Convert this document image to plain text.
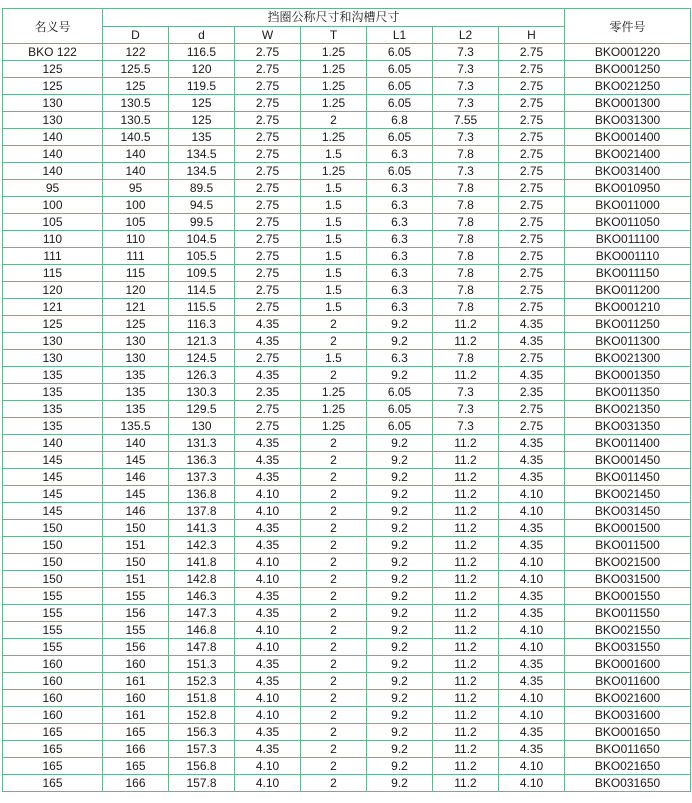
名义号	挡圈公称尺寸和沟槽尺寸							零件号
	D	d	W	T	L1	L2	H	
BKO 122	122	116.5	2.75	1.25	6.05	7.3	2.75	BKO001220
125	125.5	120	2.75	1.25	6.05	7.3	2.75	BKO001250
125	125	119.5	2.75	1.25	6.05	7.3	2.75	BKO021250
130	130.5	125	2.75	1.25	6.05	7.3	2.75	BKO001300
130	130.5	125	2.75	2	6.8	7.55	2.75	BKO031300
140	140.5	135	2.75	1.25	6.05	7.3	2.75	BKO001400
140	140	134.5	2.75	1.5	6.3	7.8	2.75	BKO021400
140	140	134.5	2.75	1.25	6.05	7.3	2.75	BKO031400
95	95	89.5	2.75	1.5	6.3	7.8	2.75	BKO010950
100	100	94.5	2.75	1.5	6.3	7.8	2.75	BKO011000
105	105	99.5	2.75	1.5	6.3	7.8	2.75	BKO011050
110	110	104.5	2.75	1.5	6.3	7.8	2.75	BKO011100
111	111	105.5	2.75	1.5	6.3	7.8	2.75	BKO001110
115	115	109.5	2.75	1.5	6.3	7.8	2.75	BKO011150
120	120	114.5	2.75	1.5	6.3	7.8	2.75	BKO011200
121	121	115.5	2.75	1.5	6.3	7.8	2.75	BKO001210
125	125	116.3	4.35	2	9.2	11.2	4.35	BKO011250
130	130	121.3	4.35	2	9.2	11.2	4.35	BKO011300
130	130	124.5	2.75	1.5	6.3	7.8	2.75	BKO021300
135	135	126.3	4.35	2	9.2	11.2	4.35	BKO001350
135	135	130.3	2.35	1.25	6.05	7.3	2.35	BKO011350
135	135	129.5	2.75	1.25	6.05	7.3	2.75	BKO021350
135	135.5	130	2.75	1.25	6.05	7.3	2.75	BKO031350
140	140	131.3	4.35	2	9.2	11.2	4.35	BKO011400
145	145	136.3	4.35	2	9.2	11.2	4.35	BKO001450
145	146	137.3	4.35	2	9.2	11.2	4.35	BKO011450
145	145	136.8	4.10	2	9.2	11.2	4.10	BKO021450
145	146	137.8	4.10	2	9.2	11.2	4.10	BKO031450
150	150	141.3	4.35	2	9.2	11.2	4.35	BKO001500
150	151	142.3	4.35	2	9.2	11.2	4.35	BKO011500
150	150	141.8	4.10	2	9.2	11.2	4.10	BKO021500
150	151	142.8	4.10	2	9.2	11.2	4.10	BKO031500
155	155	146.3	4.35	2	9.2	11.2	4.35	BKO001550
155	156	147.3	4.35	2	9.2	11.2	4.35	BKO011550
155	155	146.8	4.10	2	9.2	11.2	4.10	BKO021550
155	156	147.8	4.10	2	9.2	11.2	4.10	BKO031550
160	160	151.3	4.35	2	9.2	11.2	4.35	BKO001600
160	161	152.3	4.35	2	9.2	11.2	4.35	BKO011600
160	160	151.8	4.10	2	9.2	11.2	4.10	BKO021600
160	161	152.8	4.10	2	9.2	11.2	4.10	BKO031600
165	165	156.3	4.35	2	9.2	11.2	4.35	BKO001650
165	166	157.3	4.35	2	9.2	11.2	4.35	BKO011650
165	165	156.8	4.10	2	9.2	11.2	4.10	BKO021650
165	166	157.8	4.10	2	9.2	11.2	4.10	BKO031650
